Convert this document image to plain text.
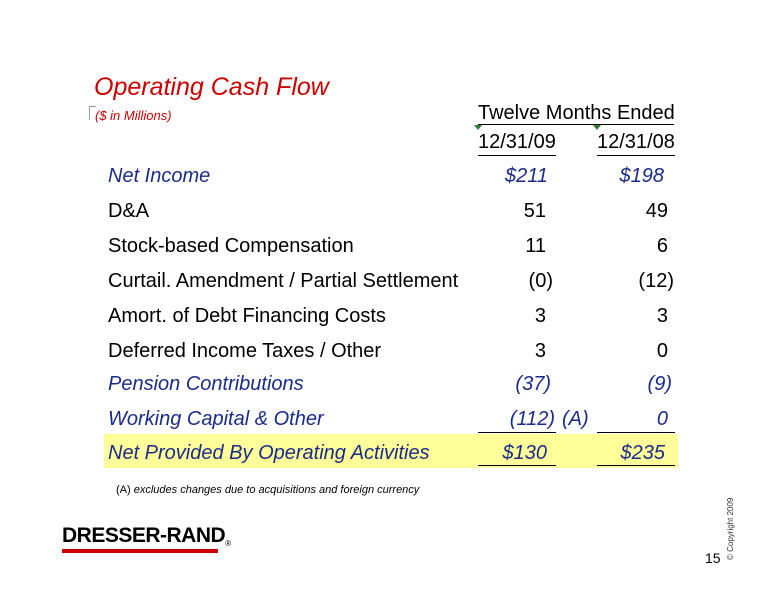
Operating Cash Flow
($ in Millions)	Twelve Months Ended
12/31/09 12/31/08
Net Income	$211	$198
D&A	51	49
Stock-based Compensation	11	6
Curtail. Amendment / Partial Settlement	(0)	(12)
Amort. of Debt Financing Costs	3	3
Deferred Income Taxes / Other	3	0
Pension Contributions	(37)	(9)
Working Capital & Other	(112) (A)	0
Net Provided By Operating Activities	$130	$235
(A) excludes changes due to acquisitions and foreign currency
DRESSER-RAND®	© Copyright 2009
15
